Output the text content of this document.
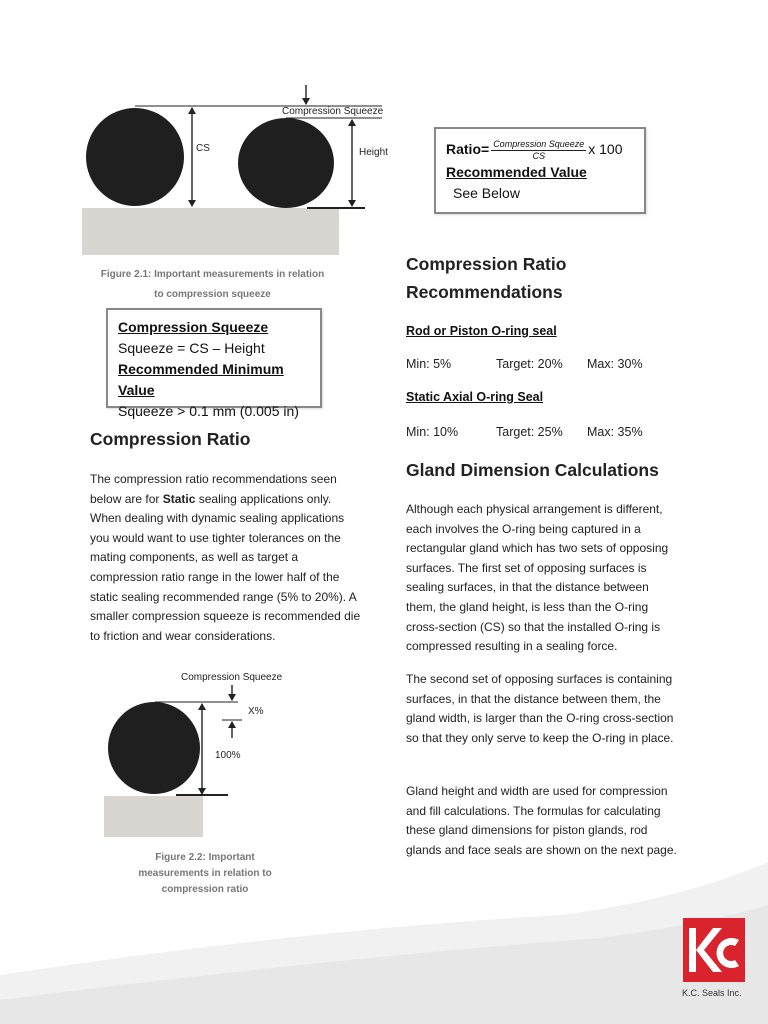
Compression Squeeze
CS	Height
Figure 2.1: Important measurements in relation
to compression squeeze
Compression Squeeze
Squeeze = CS – Height
Recommended Minimum Value
Squeeze > 0.1 mm (0.005 in)
Ratio= $\frac{\text{Compression Squeeze}}{CS}$ x 100
Recommended Value
See Below
Compression Ratio

The compression ratio recommendations seen below are for Static sealing applications only. When dealing with dynamic sealing applications you would want to use tighter tolerances on the mating components, as well as target a compression ratio range in the lower half of the static sealing recommended range (5% to 20%). A smaller compression squeeze is recommended die to friction and wear considerations.

Compression Squeeze
X%
100%
Figure 2.2: Important
measurements in relation to
compression ratio
Compression Ratio
Recommendations
Rod or Piston O-ring seal
Min: 5%	Target: 20% Max: 30%
Static Axial O-ring Seal
Min: 10%	Target: 25% Max: 35%
Gland Dimension Calculations

Although each physical arrangement is different, each involves the O-ring being captured in a rectangular gland which has two sets of opposing surfaces. The first set of opposing surfaces is sealing surfaces, in that the distance between them, the gland height, is less than the O-ring cross-section (CS) so that the installed O-ring is compressed resulting in a sealing force.

The second set of opposing surfaces is containing surfaces, in that the distance between them, the gland width, is larger than the O-ring cross-section so that they only serve to keep the O-ring in place.

Gland height and width are used for compression and fill calculations. The formulas for calculating these gland dimensions for piston glands, rod glands and face seals are shown on the next page.

K.C. Seals Inc.
